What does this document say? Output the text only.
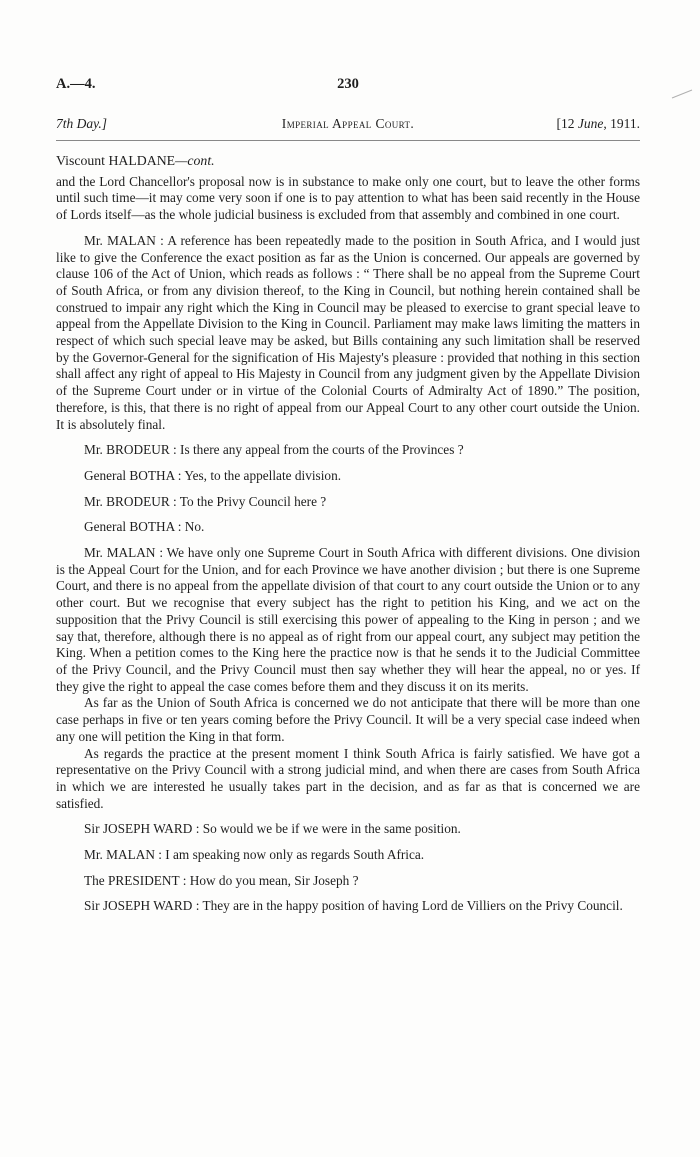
A.—4.	230
7th Day.]	Imperial Appeal Court.	[12 June, 1911.
Viscount HALDANE—cont.

and the Lord Chancellor's proposal now is in substance to make only one court, but to leave the other forms until such time—it may come very soon if one is to pay attention to what has been said recently in the House of Lords itself—as the whole judicial business is excluded from that assembly and combined in one court.

Mr. MALAN : A reference has been repeatedly made to the position in South Africa, and I would just like to give the Conference the exact position as far as the Union is concerned. Our appeals are governed by clause 106 of the Act of Union, which reads as follows : “ There shall be no appeal from the Supreme Court of South Africa, or from any division thereof, to the King in Council, but nothing herein contained shall be construed to impair any right which the King in Council may be pleased to exercise to grant special leave to appeal from the Appellate Division to the King in Council. Parliament may make laws limiting the matters in respect of which such special leave may be asked, but Bills containing any such limitation shall be reserved by the Governor-General for the signification of His Majesty's pleasure : provided that nothing in this section shall affect any right of appeal to His Majesty in Council from any judgment given by the Appellate Division of the Supreme Court under or in virtue of the Colonial Courts of Admiralty Act of 1890.” The position, therefore, is this, that there is no right of appeal from our Appeal Court to any other court outside the Union. It is absolutely final.

Mr. BRODEUR : Is there any appeal from the courts of the Provinces ?

General BOTHA : Yes, to the appellate division.

Mr. BRODEUR : To the Privy Council here ?

General BOTHA : No.

Mr. MALAN : We have only one Supreme Court in South Africa with different divisions. One division is the Appeal Court for the Union, and for each Province we have another division ; but there is one Supreme Court, and there is no appeal from the appellate division of that court to any court outside the Union or to any other court. But we recognise that every subject has the right to petition his King, and we act on the supposition that the Privy Council is still exercising this power of appealing to the King in person ; and we say that, therefore, although there is no appeal as of right from our appeal court, any subject may petition the King. When a petition comes to the King here the practice now is that he sends it to the Judicial Committee of the Privy Council, and the Privy Council must then say whether they will hear the appeal, no or yes. If they give the right to appeal the case comes before them and they discuss it on its merits.

As far as the Union of South Africa is concerned we do not anticipate that there will be more than one case perhaps in five or ten years coming before the Privy Council. It will be a very special case indeed when any one will petition the King in that form.

As regards the practice at the present moment I think South Africa is fairly satisfied. We have got a representative on the Privy Council with a strong judicial mind, and when there are cases from South Africa in which we are interested he usually takes part in the decision, and as far as that is concerned we are satisfied.

Sir JOSEPH WARD : So would we be if we were in the same position.

Mr. MALAN : I am speaking now only as regards South Africa.

The PRESIDENT : How do you mean, Sir Joseph ?

Sir JOSEPH WARD : They are in the happy position of having Lord de Villiers on the Privy Council.
